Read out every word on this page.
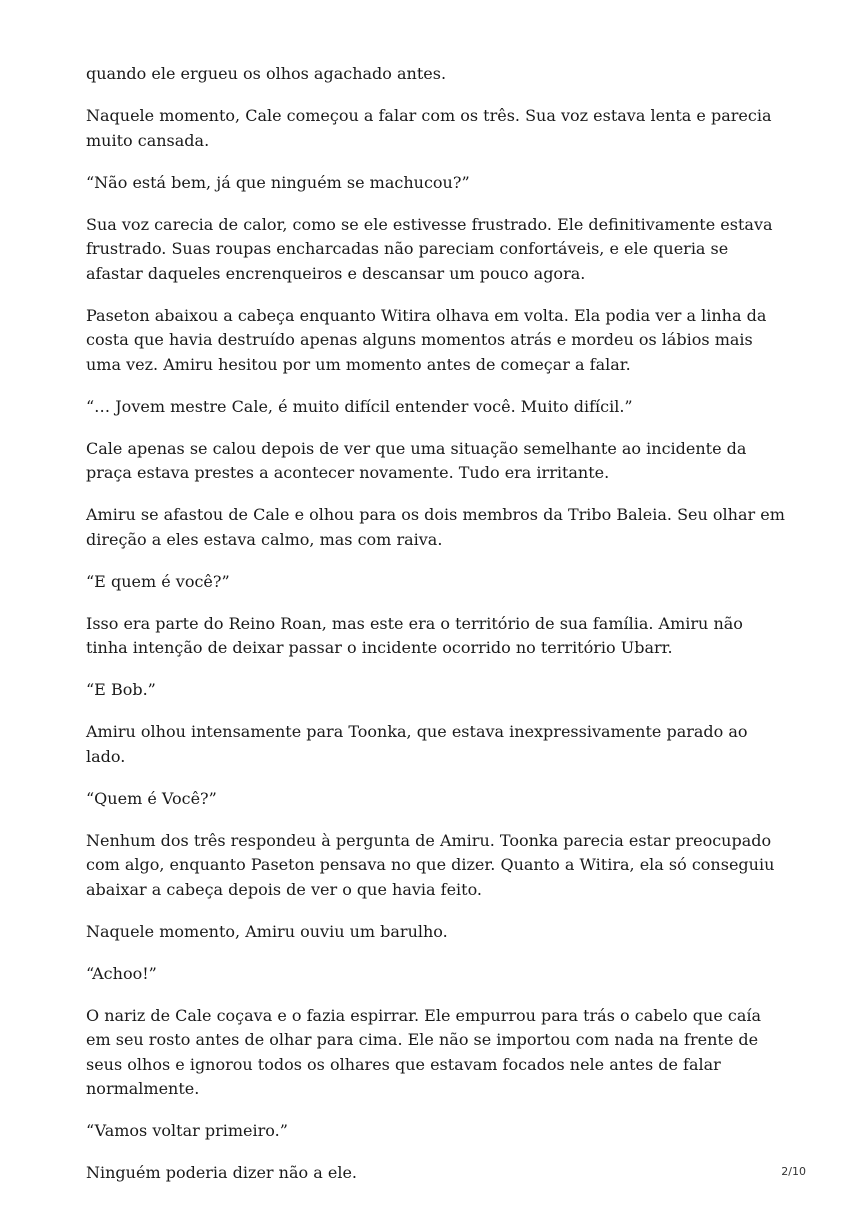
quando ele ergueu os olhos agachado antes.

Naquele momento, Cale começou a falar com os três. Sua voz estava lenta e parecia muito cansada.

“Não está bem, já que ninguém se machucou?”

Sua voz carecia de calor, como se ele estivesse frustrado. Ele definitivamente estava frustrado. Suas roupas encharcadas não pareciam confortáveis, e ele queria se afastar daqueles encrenqueiros e descansar um pouco agora.

Paseton abaixou a cabeça enquanto Witira olhava em volta. Ela podia ver a linha da costa que havia destruído apenas alguns momentos atrás e mordeu os lábios mais uma vez. Amiru hesitou por um momento antes de começar a falar.

“… Jovem mestre Cale, é muito difícil entender você. Muito difícil.”

Cale apenas se calou depois de ver que uma situação semelhante ao incidente da praça estava prestes a acontecer novamente. Tudo era irritante.

Amiru se afastou de Cale e olhou para os dois membros da Tribo Baleia. Seu olhar em direção a eles estava calmo, mas com raiva.

“E quem é você?”

Isso era parte do Reino Roan, mas este era o território de sua família. Amiru não tinha intenção de deixar passar o incidente ocorrido no território Ubarr.

“E Bob.”

Amiru olhou intensamente para Toonka, que estava inexpressivamente parado ao lado.

“Quem é Você?”

Nenhum dos três respondeu à pergunta de Amiru. Toonka parecia estar preocupado com algo, enquanto Paseton pensava no que dizer. Quanto a Witira, ela só conseguiu abaixar a cabeça depois de ver o que havia feito.

Naquele momento, Amiru ouviu um barulho.

“Achoo!”

O nariz de Cale coçava e o fazia espirrar. Ele empurrou para trás o cabelo que caía em seu rosto antes de olhar para cima. Ele não se importou com nada na frente de seus olhos e ignorou todos os olhares que estavam focados nele antes de falar normalmente.

“Vamos voltar primeiro.”

Ninguém poderia dizer não a ele.	2/10
